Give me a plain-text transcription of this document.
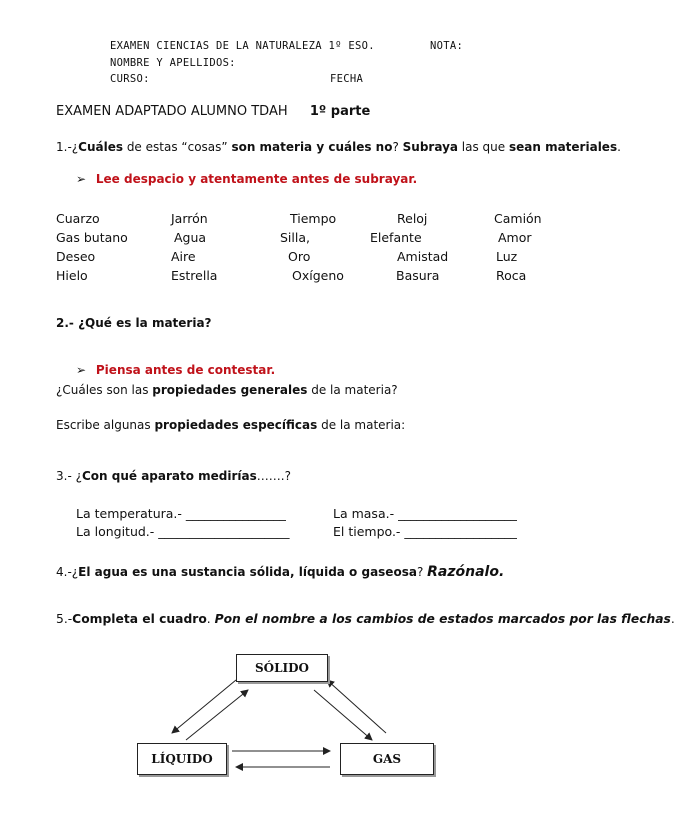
EXAMEN CIENCIAS DE LA NATURALEZA 1º ESO.	NOTA:
NOMBRE Y APELLIDOS:
CURSO:	FECHA
EXAMEN ADAPTADO ALUMNO TDAH 1º parte
1.-¿Cuáles de estas “cosas” son materia y cuáles no? Subraya las que sean materiales.
➢ Lee despacio y atentamente antes de subrayar.
Cuarzo	Jarrón	Tiempo	Reloj	Camión
Gas butano	Agua	Silla,	Elefante	Amor
Deseo	Aire	Oro	Amistad	Luz
Hielo	Estrella	Oxígeno	Basura	Roca
2.- ¿Qué es la materia?
➢ Piensa antes de contestar.
¿Cuáles son las propiedades generales de la materia?
Escribe algunas propiedades específicas de la materia:
3.- ¿Con qué aparato medirías…….?
La temperatura.- ________________	La masa.- ___________________
La longitud.- _____________________	El tiempo.- __________________
4.-¿El agua es una sustancia sólida, líquida o gaseosa? Razónalo.
5.-Completa el cuadro. Pon el nombre a los cambios de estados marcados por las flechas.
SÓLIDO
LÍQUIDO	GAS
